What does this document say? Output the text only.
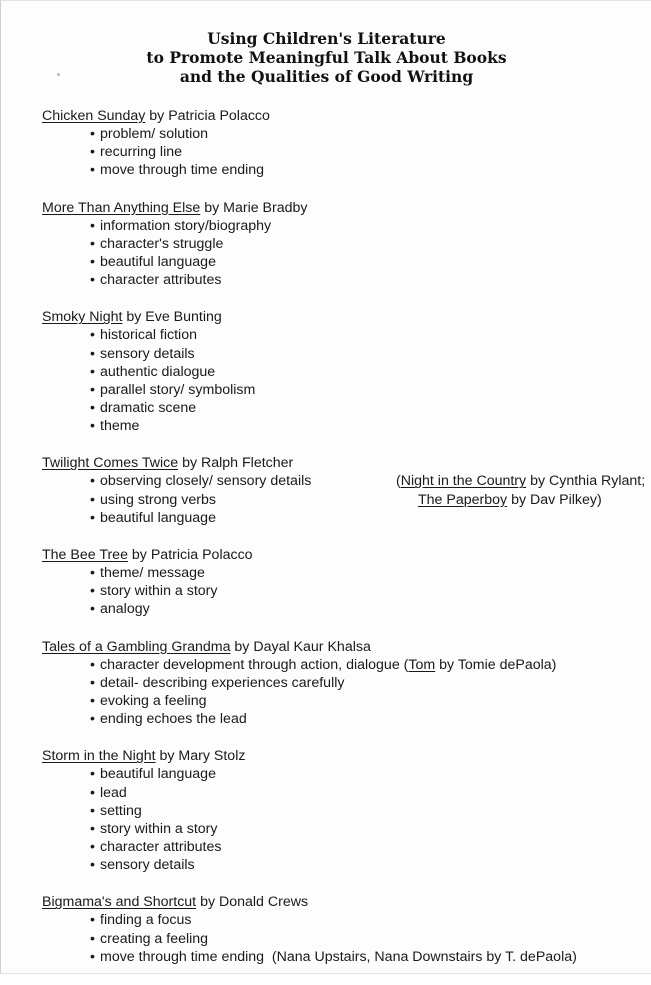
Using Children's Literature
to Promote Meaningful Talk About Books
and the Qualities of Good Writing
Chicken Sunday by Patricia Polacco
• problem/ solution
• recurring line
• move through time ending
More Than Anything Else by Marie Bradby
• information story/biography
• character's struggle
• beautiful language
• character attributes
Smoky Night by Eve Bunting
• historical fiction
• sensory details
• authentic dialogue
• parallel story/ symbolism
• dramatic scene
• theme
Twilight Comes Twice by Ralph Fletcher
• observing closely/ sensory details	(Night in the Country by Cynthia Rylant;
• using strong verbs	The Paperboy by Dav Pilkey)
• beautiful language
The Bee Tree by Patricia Polacco
• theme/ message
• story within a story
• analogy
Tales of a Gambling Grandma by Dayal Kaur Khalsa
• character development through action, dialogue (Tom by Tomie dePaola)
• detail- describing experiences carefully
• evoking a feeling
• ending echoes the lead
Storm in the Night by Mary Stolz
• beautiful language
• lead
• setting
• story within a story
• character attributes
• sensory details
Bigmama's and Shortcut by Donald Crews
• finding a focus
• creating a feeling
• move through time ending  (Nana Upstairs, Nana Downstairs by T. dePaola)
